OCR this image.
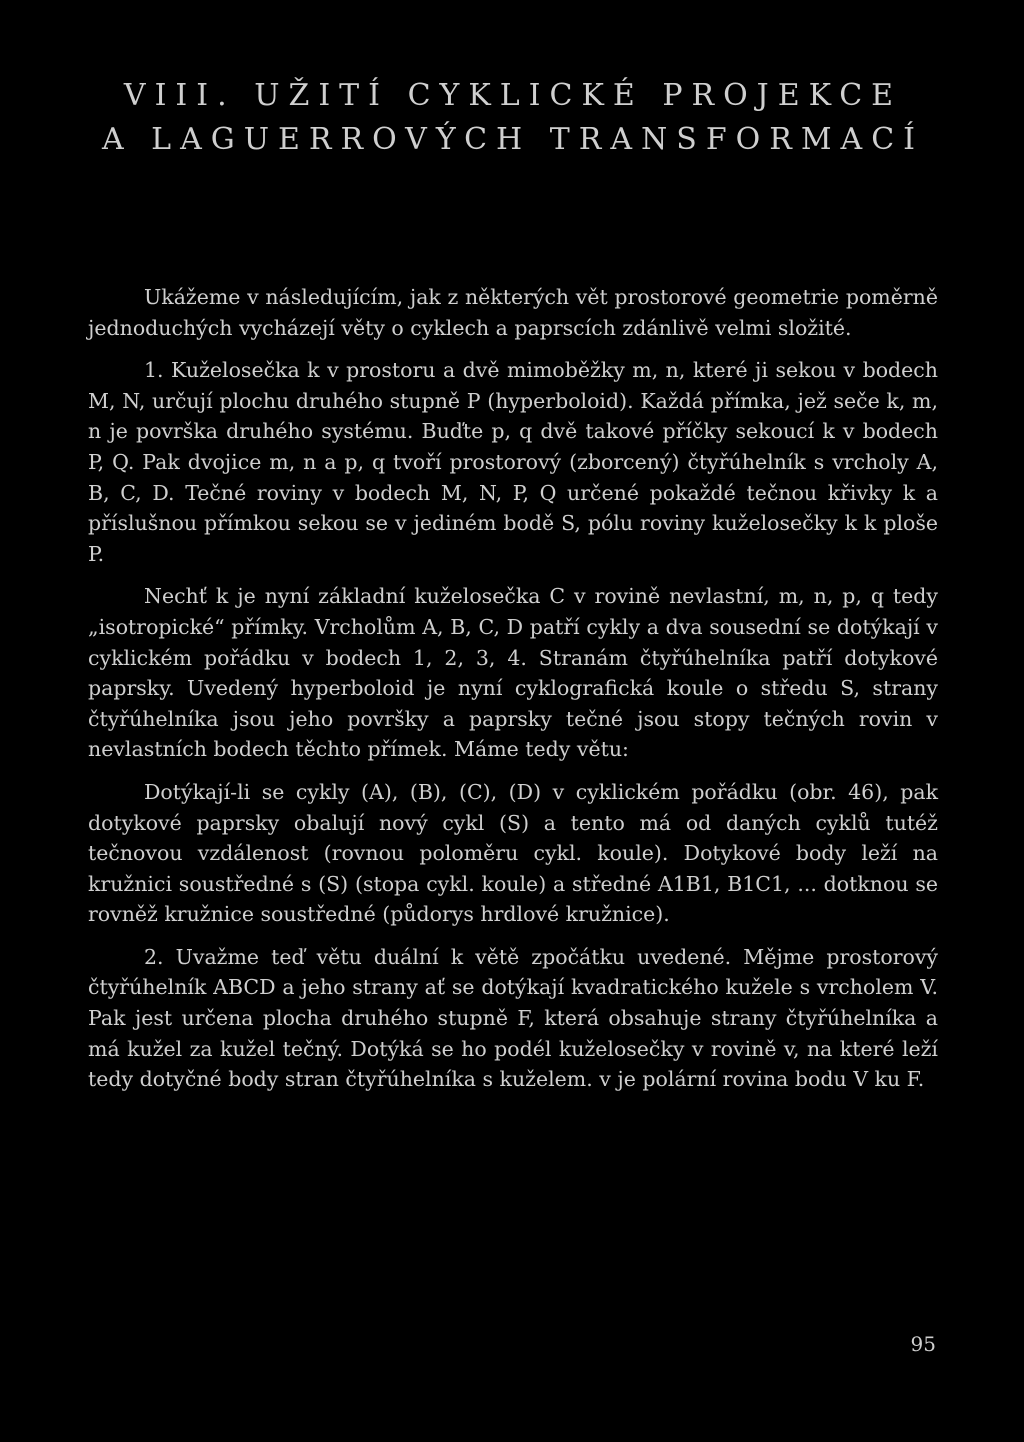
VIII. UŽITÍ CYKLICKÉ PROJEKCE
A LAGUERROVÝCH TRANSFORMACÍ

Ukážeme v následujícím, jak z některých vět prostorové geometrie poměrně jednoduchých vycházejí věty o cyklech a paprscích zdánlivě velmi složité.

1. Kuželosečka k v prostoru a dvě mimoběžky m, n, které ji sekou v bodech M, N, určují plochu druhého stupně P (hyperboloid). Každá přímka, jež seče k, m, n je površka druhého systému. Buďte p, q dvě takové příčky sekoucí k v bodech P, Q. Pak dvojice m, n a p, q tvoří prostorový (zborcený) čtyřúhelník s vrcholy A, B, C, D. Tečné roviny v bodech M, N, P, Q určené pokaždé tečnou křivky k a příslušnou přímkou sekou se v jediném bodě S, pólu roviny kuželosečky k k ploše P.

Nechť k je nyní základní kuželosečka C v rovině nevlastní, m, n, p, q tedy „isotropické“ přímky. Vrcholům A, B, C, D patří cykly a dva sousední se dotýkají v cyklickém pořádku v bodech 1, 2, 3, 4. Stranám čtyřúhelníka patří dotykové paprsky. Uvedený hyperboloid je nyní cyklografická koule o středu S, strany čtyřúhelníka jsou jeho površky a paprsky tečné jsou stopy tečných rovin v nevlastních bodech těchto přímek. Máme tedy větu:

Dotýkají-li se cykly (A), (B), (C), (D) v cyklickém pořádku (obr. 46), pak dotykové paprsky obalují nový cykl (S) a tento má od daných cyklů tutéž tečnovou vzdálenost (rovnou poloměru cykl. koule). Dotykové body leží na kružnici soustředné s (S) (stopa cykl. koule) a středné A1B1, B1C1, ... dotknou se rovněž kružnice soustředné (půdorys hrdlové kružnice).

2. Uvažme teď větu duální k větě zpočátku uvedené. Mějme prostorový čtyřúhelník ABCD a jeho strany ať se dotýkají kvadratického kužele s vrcholem V. Pak jest určena plocha druhého stupně F, která obsahuje strany čtyřúhelníka a má kužel za kužel tečný. Dotýká se ho podél kuželosečky v rovině v, na které leží tedy dotyčné body stran čtyřúhelníka s kuželem. v je polární rovina bodu V ku F.

95
